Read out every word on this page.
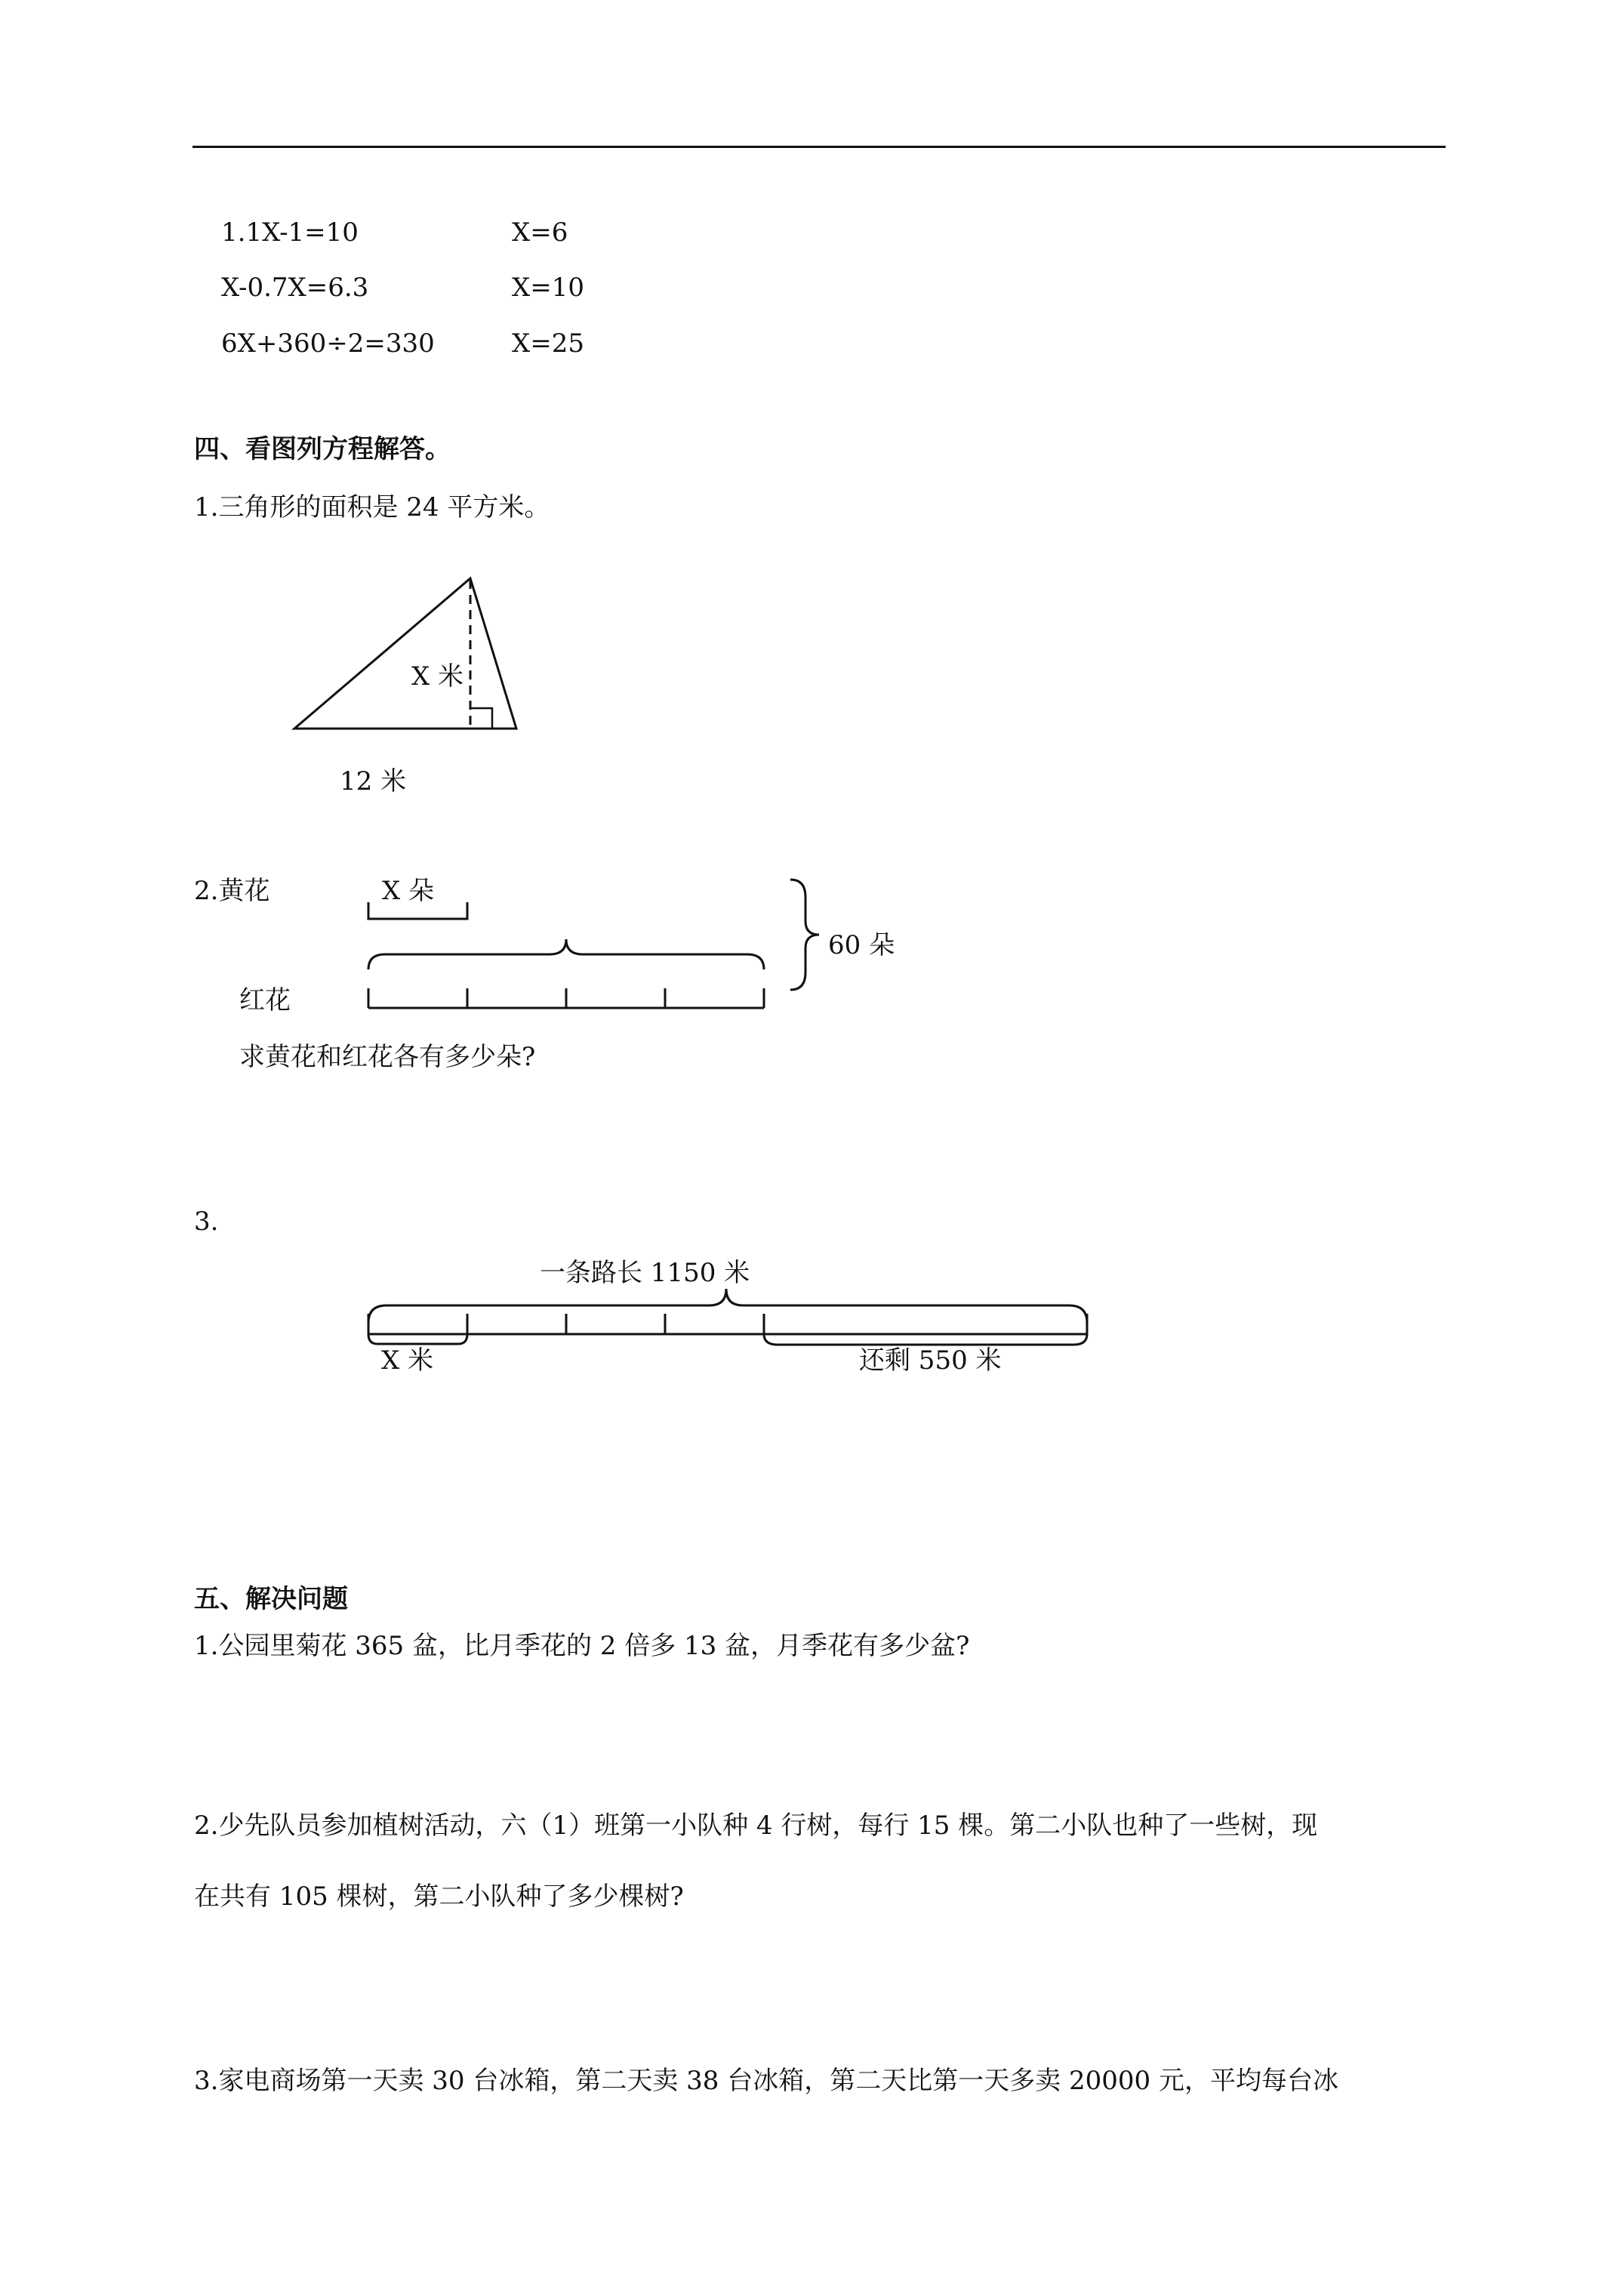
1.1X-1=10	X=6
X-0.7X=6.3	X=10
6X+360÷2=330	X=25
四、看图列方程解答。
1.三角形的面积是 24 平方米。
X 米
12 米
2.黄花	X 朵
60 朵
红花
求黄花和红花各有多少朵?
3.
一条路长 1150 米
X 米	还剩 550 米
五、解决问题
1.公园里菊花 365 盆，比月季花的 2 倍多 13 盆，月季花有多少盆?
2.少先队员参加植树活动，六（1）班第一小队种 4 行树，每行 15 棵。第二小队也种了一些树，现
在共有 105 棵树，第二小队种了多少棵树?
3.家电商场第一天卖 30 台冰箱，第二天卖 38 台冰箱，第二天比第一天多卖 20000 元，平均每台冰
